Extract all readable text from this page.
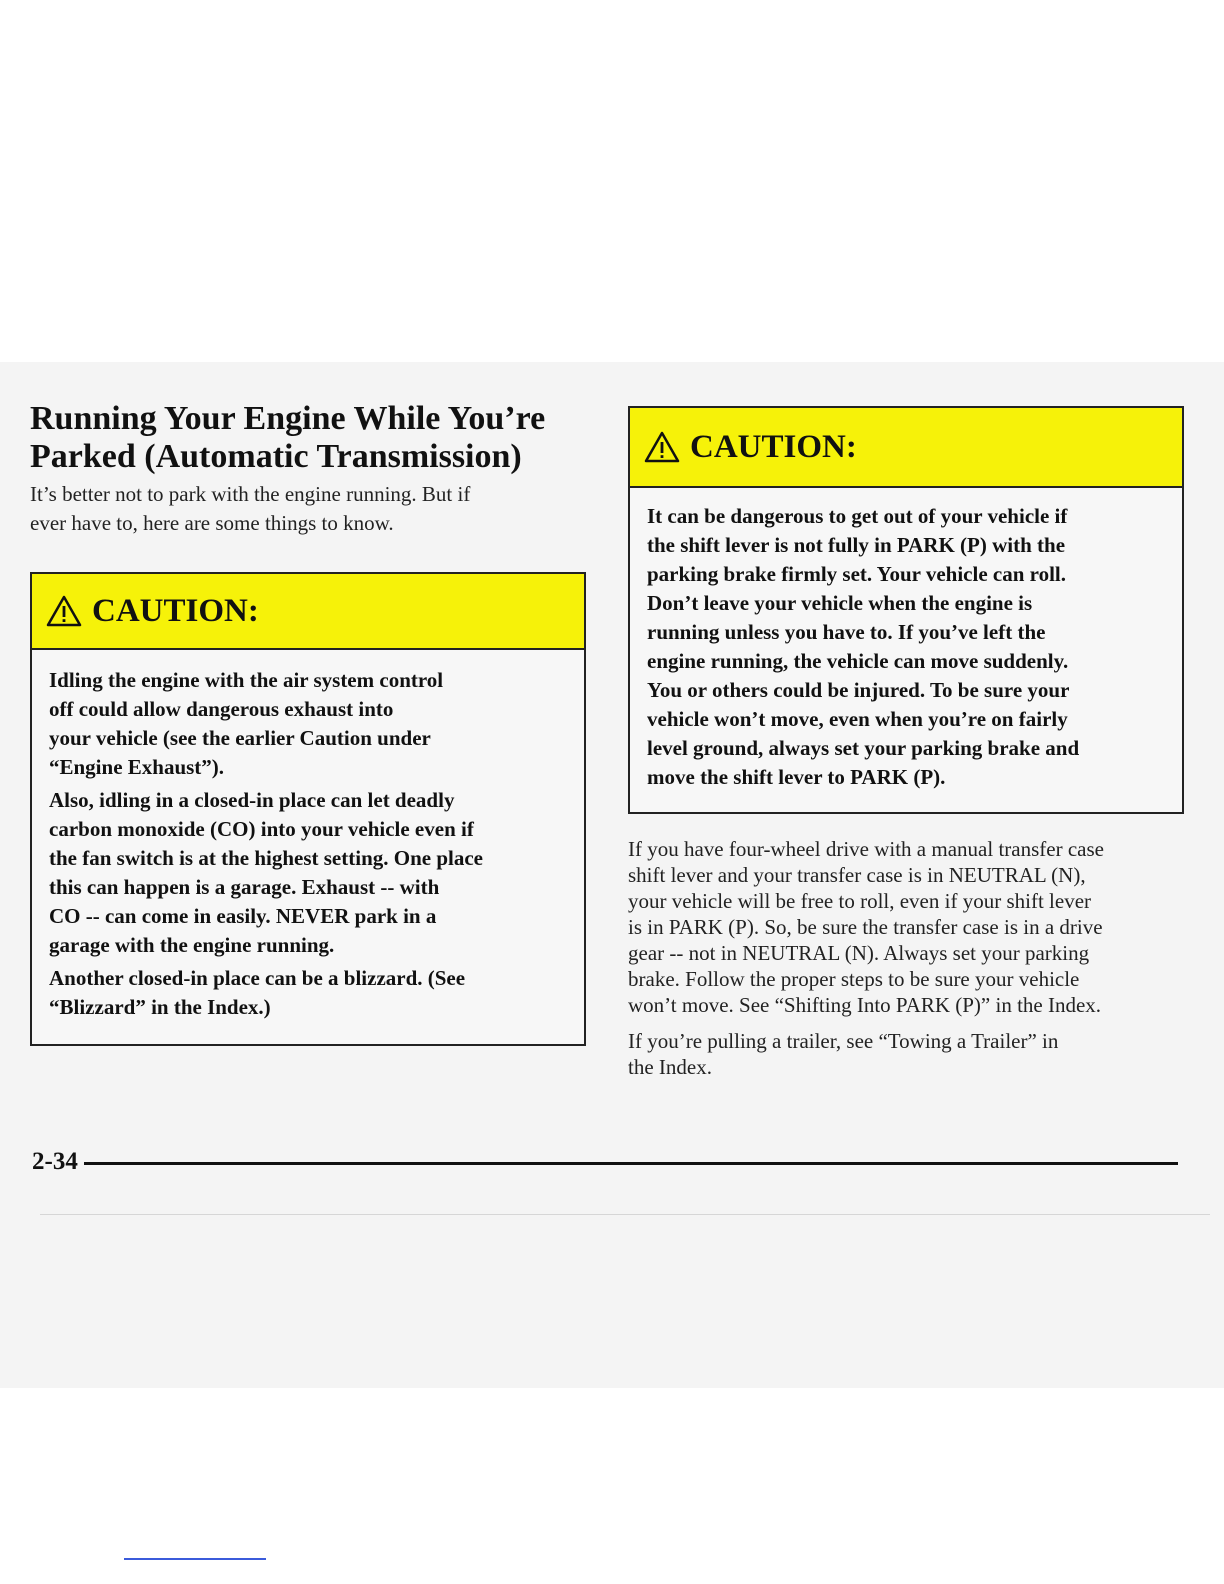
Running Your Engine While You’re
Parked (Automatic Transmission)

It’s better not to park with the engine running. But if
ever have to, here are some things to know.

CAUTION:

Idling the engine with the air system control
off could allow dangerous exhaust into
your vehicle (see the earlier Caution under
“Engine Exhaust”).

Also, idling in a closed-in place can let deadly
carbon monoxide (CO) into your vehicle even if
the fan switch is at the highest setting. One place
this can happen is a garage. Exhaust -- with
CO -- can come in easily. NEVER park in a
garage with the engine running.

Another closed-in place can be a blizzard. (See
“Blizzard” in the Index.)

CAUTION:

It can be dangerous to get out of your vehicle if
the shift lever is not fully in PARK (P) with the
parking brake firmly set. Your vehicle can roll.
Don’t leave your vehicle when the engine is
running unless you have to. If you’ve left the
engine running, the vehicle can move suddenly.
You or others could be injured. To be sure your
vehicle won’t move, even when you’re on fairly
level ground, always set your parking brake and
move the shift lever to PARK (P).

If you have four-wheel drive with a manual transfer case
shift lever and your transfer case is in NEUTRAL (N),
your vehicle will be free to roll, even if your shift lever
is in PARK (P). So, be sure the transfer case is in a drive
gear -- not in NEUTRAL (N). Always set your parking
brake. Follow the proper steps to be sure your vehicle
won’t move. See “Shifting Into PARK (P)” in the Index.

If you’re pulling a trailer, see “Towing a Trailer” in
the Index.

2-34
